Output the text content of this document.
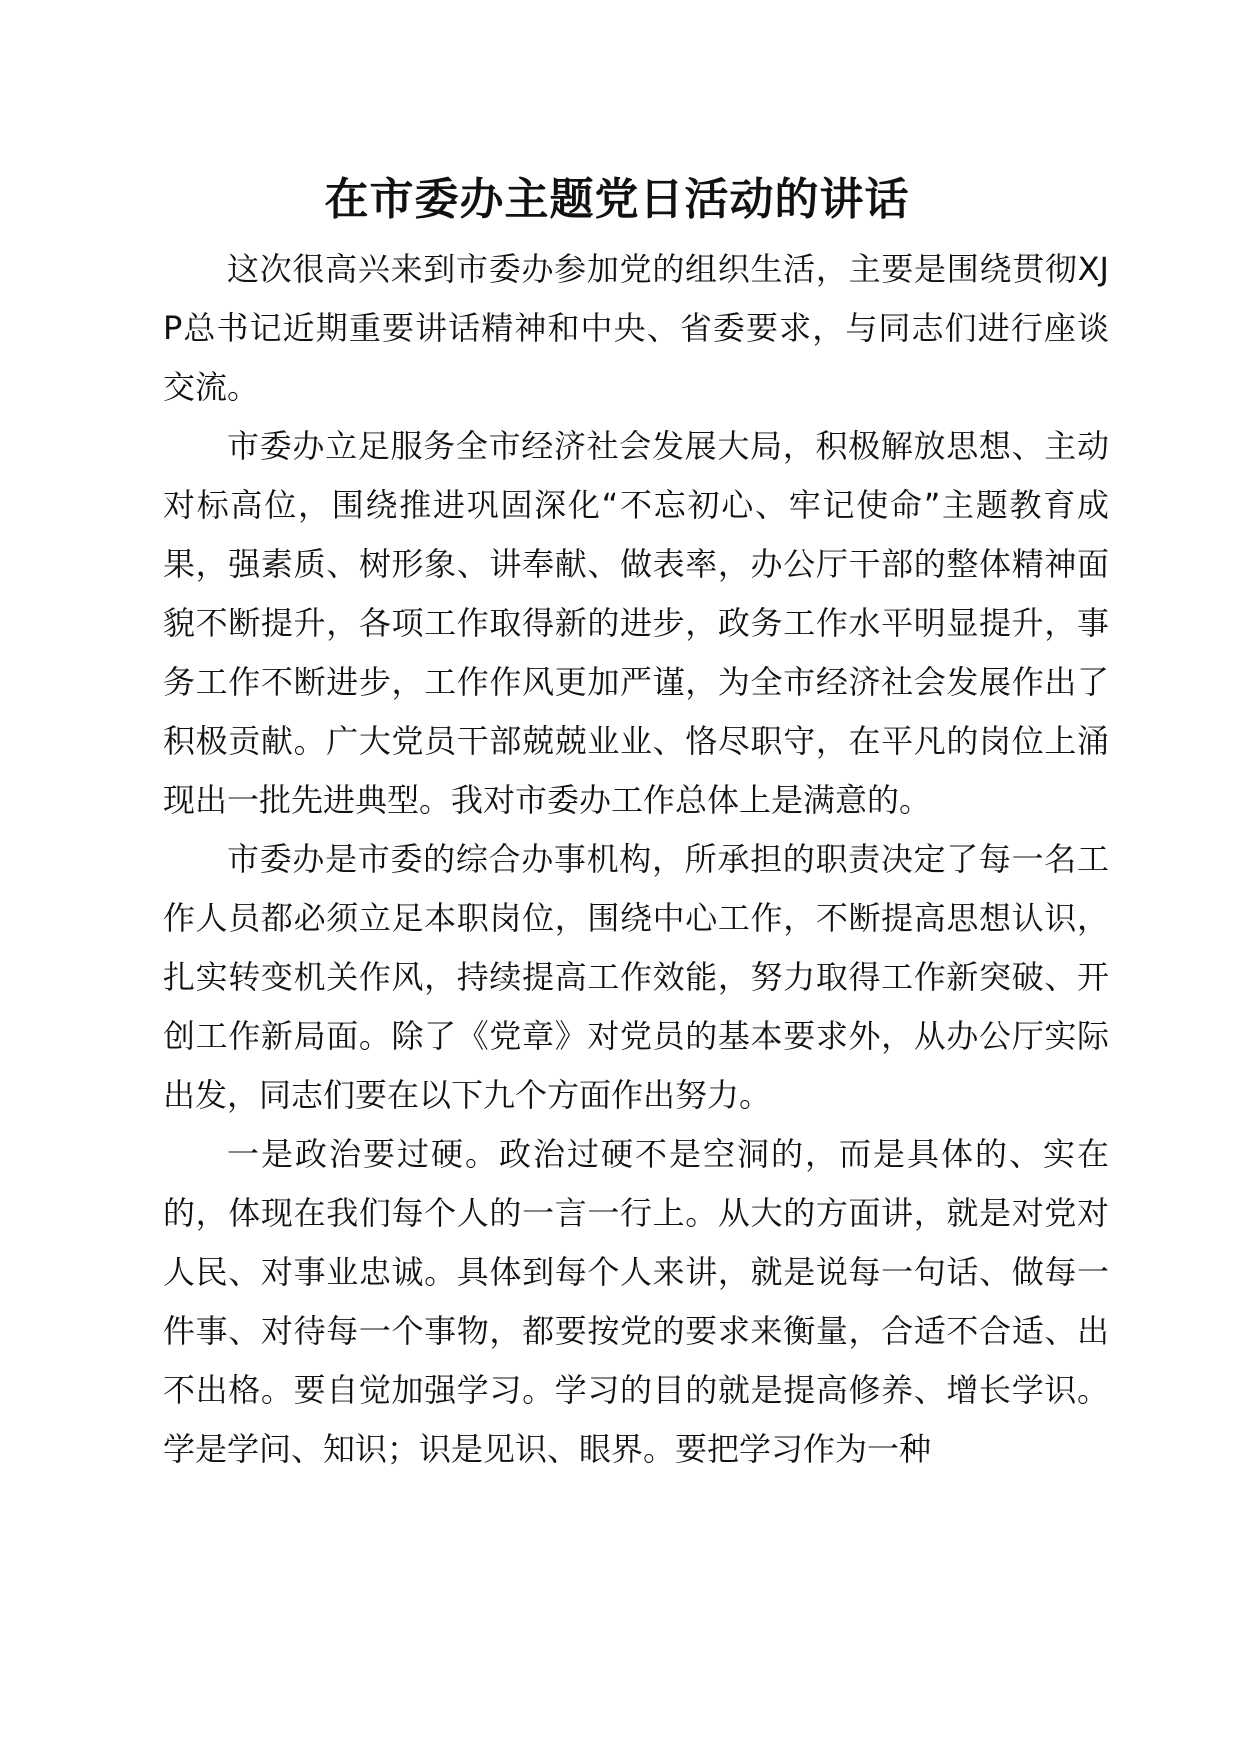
在市委办主题党日活动的讲话

这次很高兴来到市委办参加党的组织生活，主要是围绕贯彻XJP总书记近期重要讲话精神和中央、省委要求，与同志们进行座谈交流。

市委办立足服务全市经济社会发展大局，积极解放思想、主动对标高位，围绕推进巩固深化“不忘初心、牢记使命”主题教育成果，强素质、树形象、讲奉献、做表率，办公厅干部的整体精神面貌不断提升，各项工作取得新的进步，政务工作水平明显提升，事务工作不断进步，工作作风更加严谨，为全市经济社会发展作出了积极贡献。广大党员干部兢兢业业、恪尽职守，在平凡的岗位上涌现出一批先进典型。我对市委办工作总体上是满意的。

市委办是市委的综合办事机构，所承担的职责决定了每一名工作人员都必须立足本职岗位，围绕中心工作，不断提高思想认识，扎实转变机关作风，持续提高工作效能，努力取得工作新突破、开创工作新局面。除了《党章》对党员的基本要求外，从办公厅实际出发，同志们要在以下九个方面作出努力。

一是政治要过硬。政治过硬不是空洞的，而是具体的、实在的，体现在我们每个人的一言一行上。从大的方面讲，就是对党对人民、对事业忠诚。具体到每个人来讲，就是说每一句话、做每一件事、对待每一个事物，都要按党的要求来衡量，合适不合适、出不出格。要自觉加强学习。学习的目的就是提高修养、增长学识。学是学问、知识；识是见识、眼界。要把学习作为一种
